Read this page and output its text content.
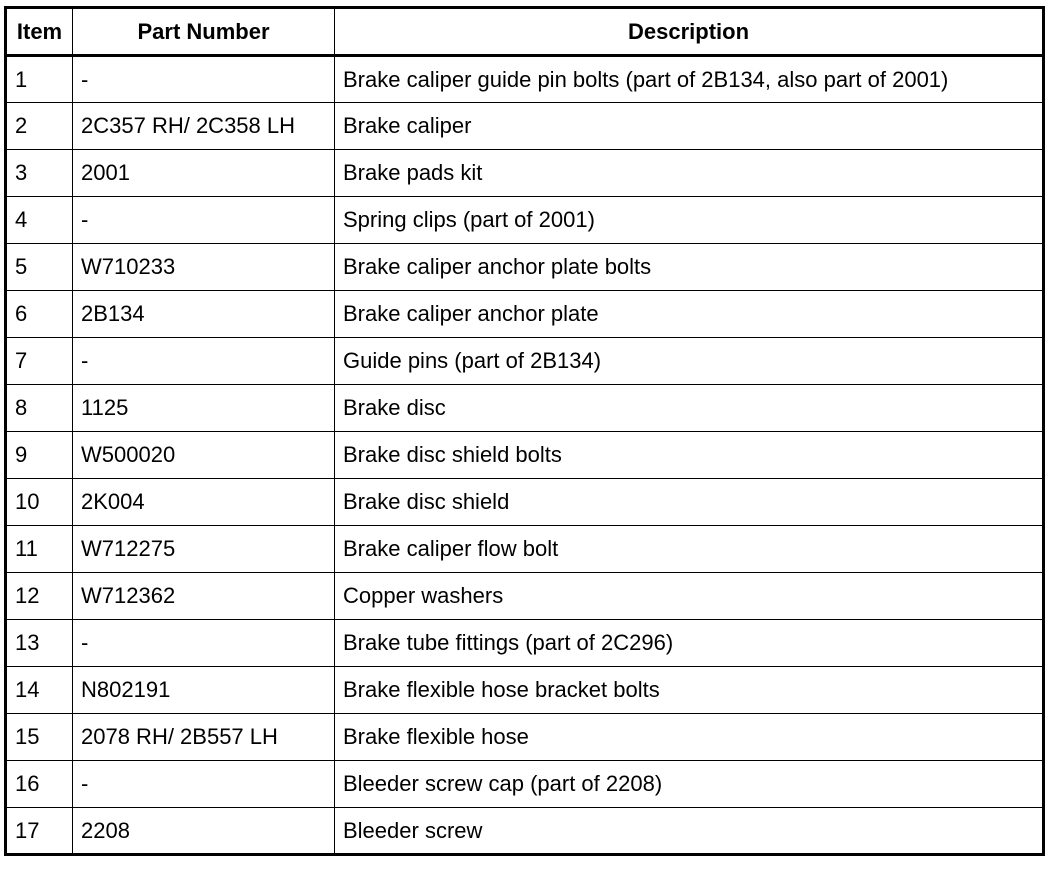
Item	Part Number	Description
1	-	Brake caliper guide pin bolts (part of 2B134, also part of 2001)
2	2C357 RH/ 2C358 LH	Brake caliper
3	2001	Brake pads kit
4	-	Spring clips (part of 2001)
5	W710233	Brake caliper anchor plate bolts
6	2B134	Brake caliper anchor plate
7	-	Guide pins (part of 2B134)
8	1125	Brake disc
9	W500020	Brake disc shield bolts
10	2K004	Brake disc shield
11	W712275	Brake caliper flow bolt
12	W712362	Copper washers
13	-	Brake tube fittings (part of 2C296)
14	N802191	Brake flexible hose bracket bolts
15	2078 RH/ 2B557 LH	Brake flexible hose
16	-	Bleeder screw cap (part of 2208)
17	2208	Bleeder screw
